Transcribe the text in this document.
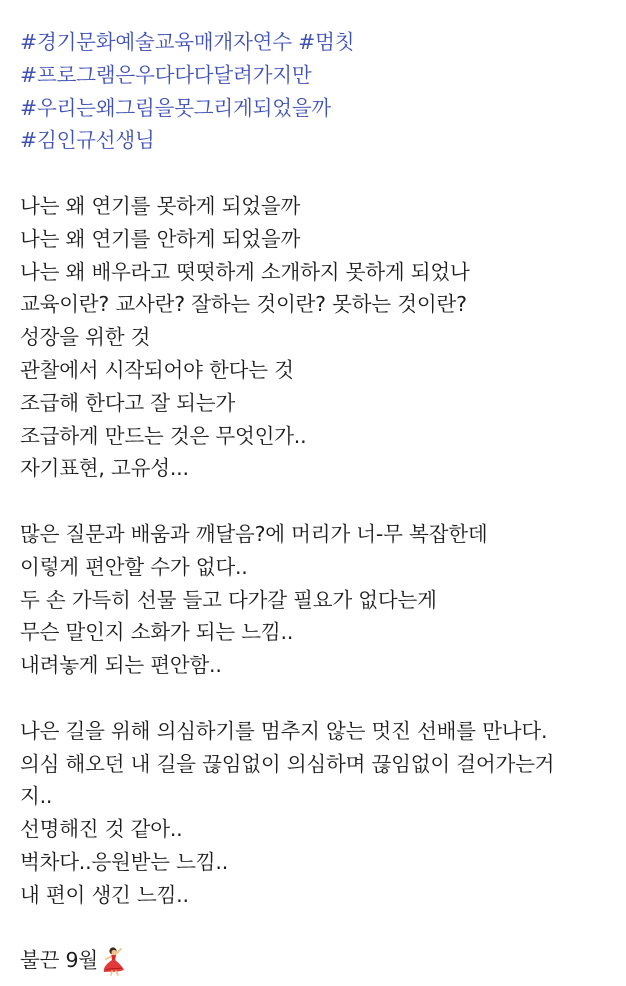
#경기문화예술교육매개자연수 #멈칫
#프로그램은우다다다달려가지만
#우리는왜그림을못그리게되었을까
#김인규선생님
나는 왜 연기를 못하게 되었을까
나는 왜 연기를 안하게 되었을까
나는 왜 배우라고 떳떳하게 소개하지 못하게 되었나
교육이란? 교사란? 잘하는 것이란? 못하는 것이란?
성장을 위한 것
관찰에서 시작되어야 한다는 것
조급해 한다고 잘 되는가
조급하게 만드는 것은 무엇인가..
자기표현, 고유성...
많은 질문과 배움과 깨달음?에 머리가 너-무 복잡한데
이렇게 편안할 수가 없다..
두 손 가득히 선물 들고 다가갈 필요가 없다는게
무슨 말인지 소화가 되는 느낌..
내려놓게 되는 편안함..
나은 길을 위해 의심하기를 멈추지 않는 멋진 선배를 만나다.
의심 해오던 내 길을 끊임없이 의심하며 끊임없이 걸어가는거
지..
선명해진 것 같아..
벅차다..응원받는 느낌..
내 편이 생긴 느낌..
불끈 9월
